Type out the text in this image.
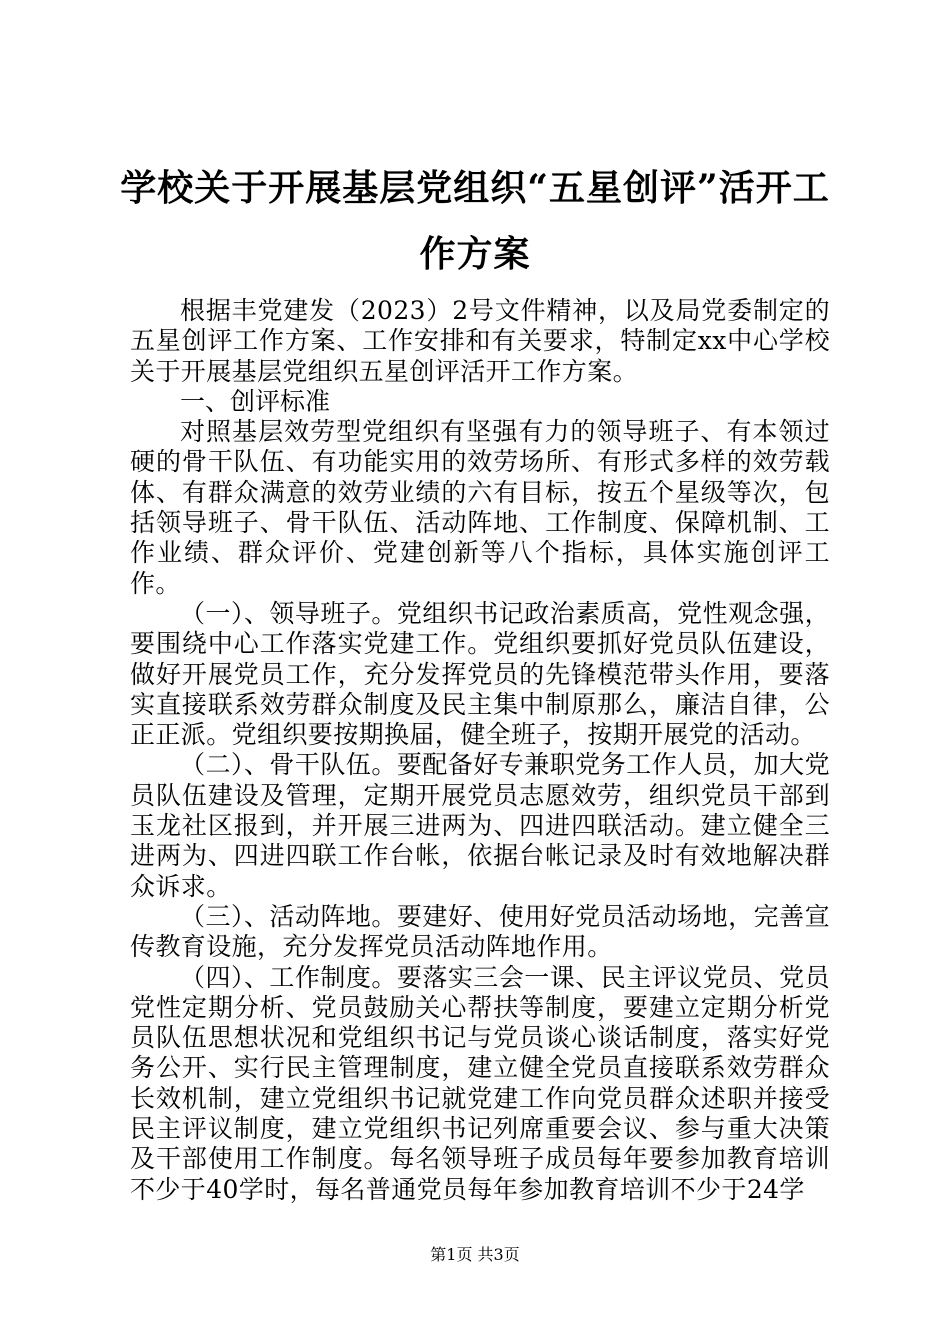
学校关于开展基层党组织“五星创评”活开工作方案

根据丰党建发（2023）2号文件精神，以及局党委制定的五星创评工作方案、工作安排和有关要求，特制定xx中心学校关于开展基层党组织五星创评活开工作方案。

一、创评标准

对照基层效劳型党组织有坚强有力的领导班子、有本领过硬的骨干队伍、有功能实用的效劳场所、有形式多样的效劳载体、有群众满意的效劳业绩的六有目标，按五个星级等次，包括领导班子、骨干队伍、活动阵地、工作制度、保障机制、工作业绩、群众评价、党建创新等八个指标，具体实施创评工作。

（一）、领导班子。党组织书记政治素质高，党性观念强，要围绕中心工作落实党建工作。党组织要抓好党员队伍建设，做好开展党员工作，充分发挥党员的先锋模范带头作用，要落实直接联系效劳群众制度及民主集中制原那么，廉洁自律，公正正派。党组织要按期换届，健全班子，按期开展党的活动。

（二）、骨干队伍。要配备好专兼职党务工作人员，加大党员队伍建设及管理，定期开展党员志愿效劳，组织党员干部到玉龙社区报到，并开展三进两为、四进四联活动。建立健全三进两为、四进四联工作台帐，依据台帐记录及时有效地解决群众诉求。

（三）、活动阵地。要建好、使用好党员活动场地，完善宣传教育设施，充分发挥党员活动阵地作用。

（四）、工作制度。要落实三会一课、民主评议党员、党员党性定期分析、党员鼓励关心帮扶等制度，要建立定期分析党员队伍思想状况和党组织书记与党员谈心谈话制度，落实好党务公开、实行民主管理制度，建立健全党员直接联系效劳群众长效机制，建立党组织书记就党建工作向党员群众述职并接受民主评议制度，建立党组织书记列席重要会议、参与重大决策及干部使用工作制度。每名领导班子成员每年要参加教育培训不少于40学时，每名普通党员每年参加教育培训不少于24学

第1页 共3页
